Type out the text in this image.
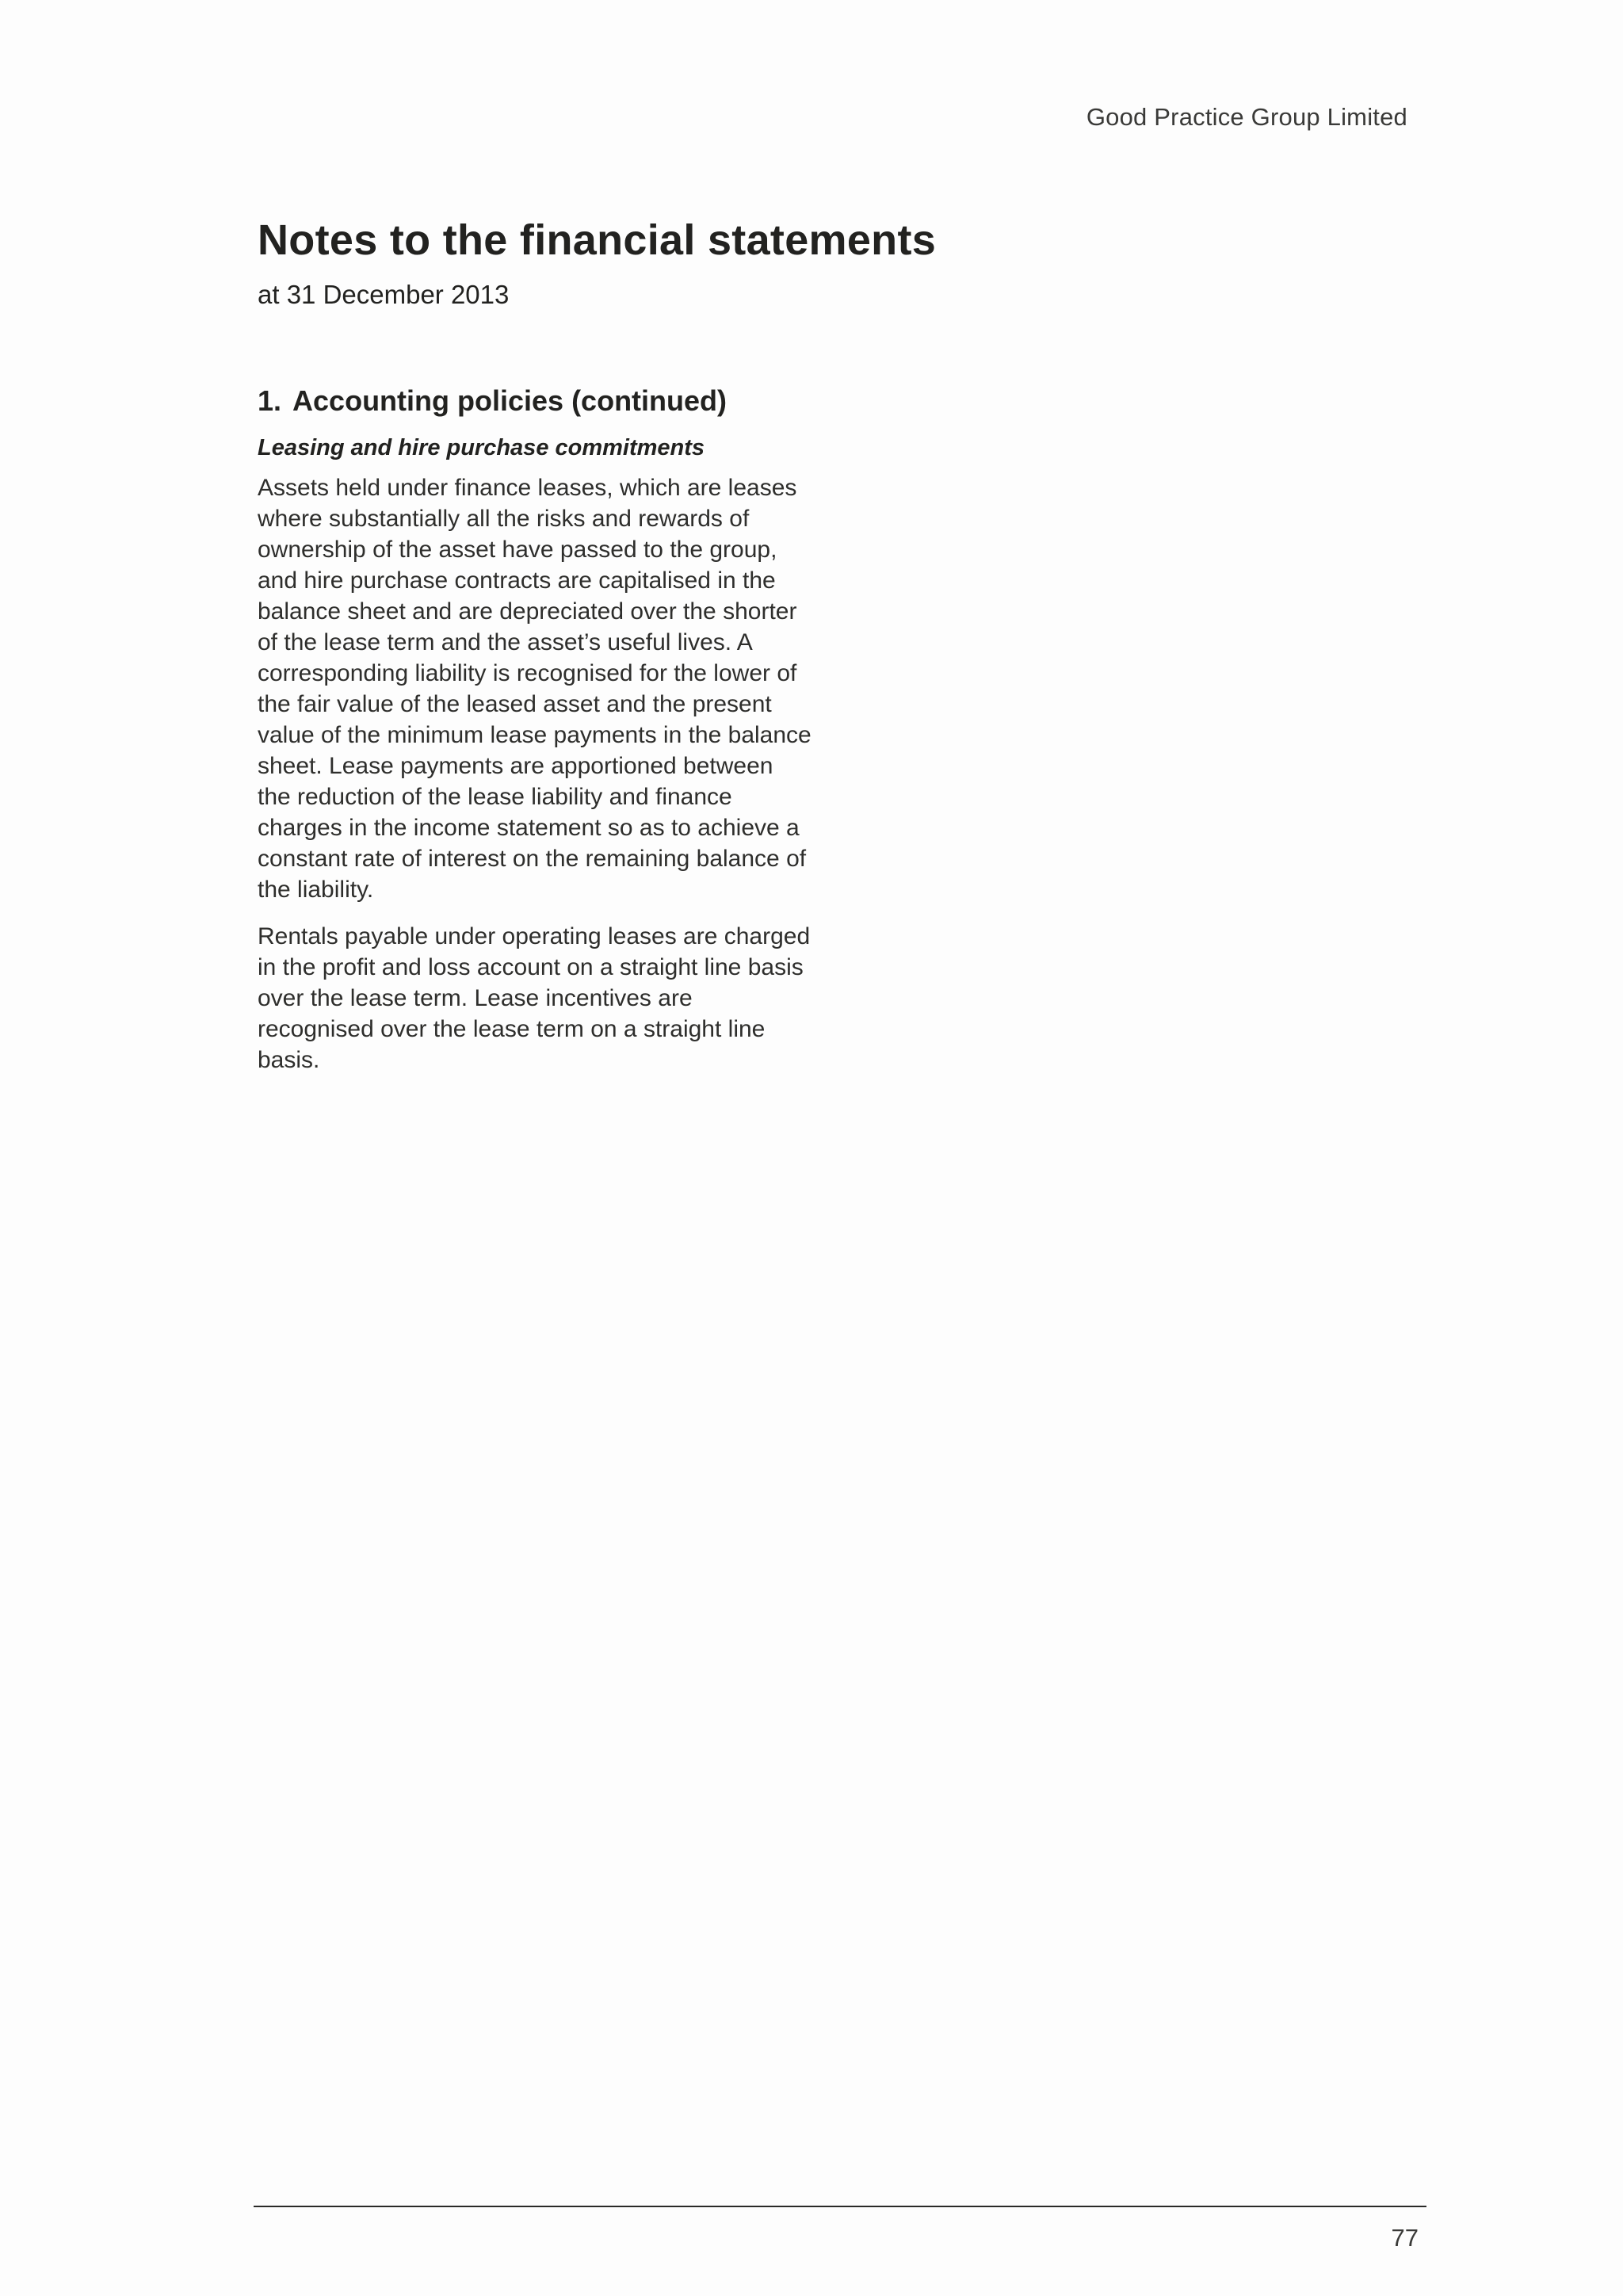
Good Practice Group Limited
Notes to the financial statements

at 31 December 2013

1. Accounting policies (continued)

Leasing and hire purchase commitments

Assets held under finance leases, which are leases where substantially all the risks and rewards of ownership of the asset have passed to the group, and hire purchase contracts are capitalised in the balance sheet and are depreciated over the shorter of the lease term and the asset’s useful lives. A corresponding liability is recognised for the lower of the fair value of the leased asset and the present value of the minimum lease payments in the balance sheet. Lease payments are apportioned between the reduction of the lease liability and finance charges in the income statement so as to achieve a constant rate of interest on the remaining balance of the liability.

Rentals payable under operating leases are charged in the profit and loss account on a straight line basis over the lease term. Lease incentives are recognised over the lease term on a straight line basis.

77
